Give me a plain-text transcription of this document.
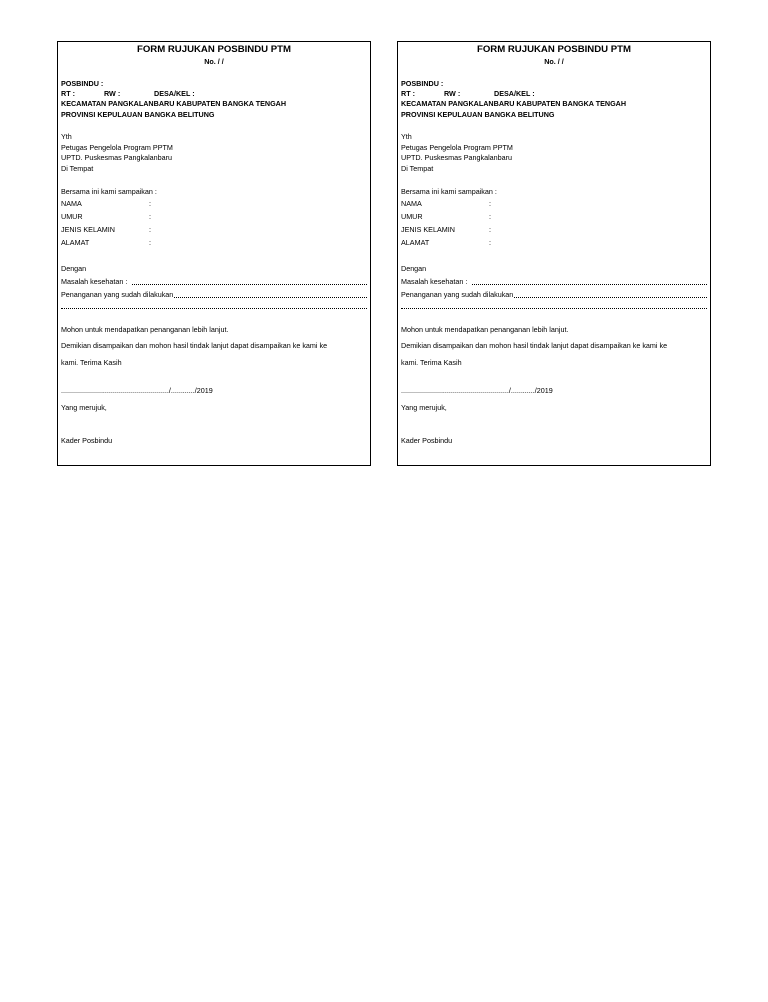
FORM RUJUKAN POSBINDU PTM
No. / /
POSBINDU :
RT :	RW :	DESA/KEL :
KECAMATAN PANGKALANBARU KABUPATEN BANGKA TENGAH
PROVINSI KEPULAUAN BANGKA BELITUNG
Yth
Petugas Pengelola Program PPTM
UPTD. Puskesmas Pangkalanbaru
Di Tempat
Bersama ini kami sampaikan :
NAMA	:
UMUR	:
JENIS KELAMIN	:
ALAMAT	:
Dengan
Masalah kesehatan :
Penanganan yang sudah dilakukan
Mohon untuk mendapatkan penanganan lebih lanjut.
Demikian disampaikan dan mohon hasil tindak lanjut dapat disampaikan ke kami ke
kami. Terima Kasih
....................................................../............/2019
Yang merujuk,
Kader Posbindu
FORM RUJUKAN POSBINDU PTM
No. / /
POSBINDU :
RT :	RW :	DESA/KEL :
KECAMATAN PANGKALANBARU KABUPATEN BANGKA TENGAH
PROVINSI KEPULAUAN BANGKA BELITUNG
Yth
Petugas Pengelola Program PPTM
UPTD. Puskesmas Pangkalanbaru
Di Tempat
Bersama ini kami sampaikan :
NAMA	:
UMUR	:
JENIS KELAMIN	:
ALAMAT	:
Dengan
Masalah kesehatan :
Penanganan yang sudah dilakukan
Mohon untuk mendapatkan penanganan lebih lanjut.
Demikian disampaikan dan mohon hasil tindak lanjut dapat disampaikan ke kami ke
kami. Terima Kasih
....................................................../............/2019
Yang merujuk,
Kader Posbindu
